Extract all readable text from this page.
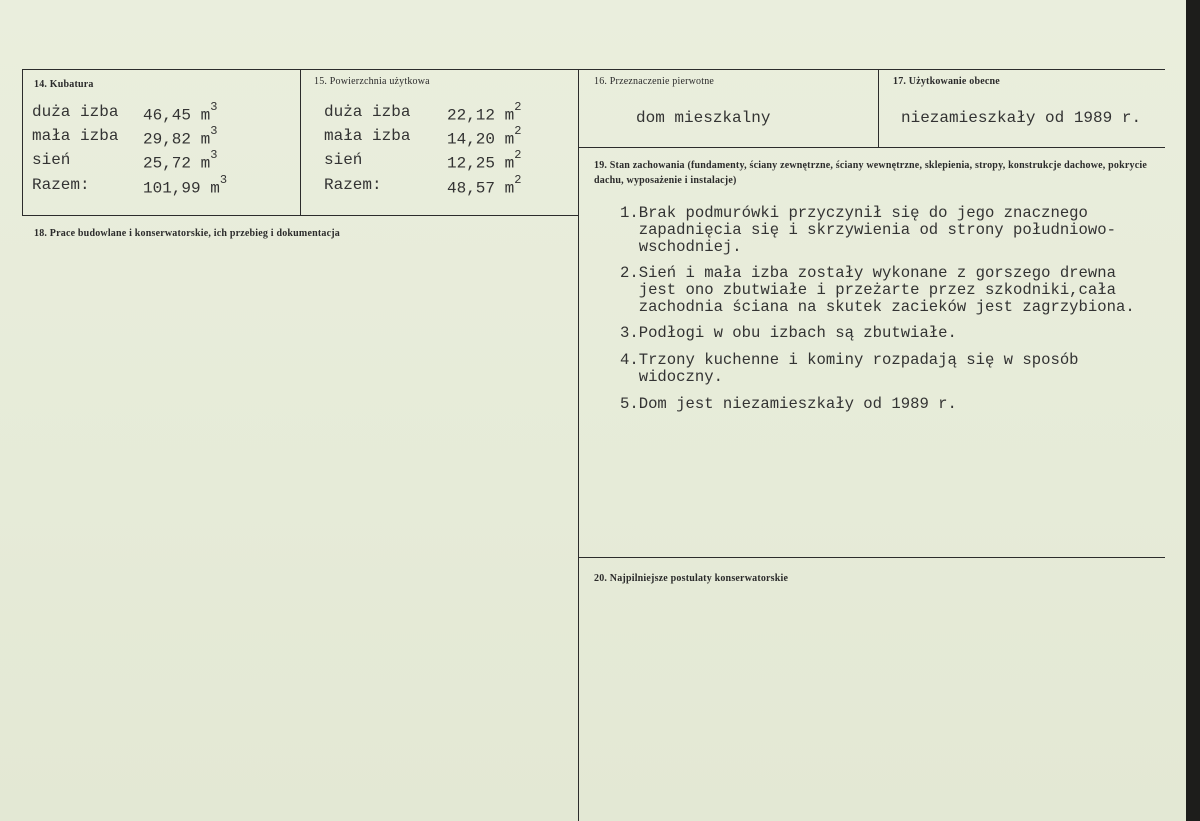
14. Kubatura
duża izba 46,45 $m^3$
mała izba 29,82 $m^3$
sień	25,72 $m^3$
Razem:	101,99 $m^3$
15. Powierzchnia użytkowa
duża izba 22,12 $m^2$
mała izba 14,20 $m^2$
sień	12,25 $m^2$
Razem:	48,57 $m^2$
16. Przeznaczenie pierwotne
dom mieszkalny
17. Użytkowanie obecne
niezamieszkały od 1989 r.
18. Prace budowlane i konserwatorskie, ich przebieg i dokumentacja
19. Stan zachowania (fundamenty, ściany zewnętrzne, ściany wewnętrzne, sklepienia, stropy, konstrukcje dachowe, pokrycie dachu, wyposażenie i instalacje)
1.Brak podmurówki przyczynił się do jego znacznego
zapadnięcia się i skrzywienia od strony południowo-
wschodniej.
2.Sień i mała izba zostały wykonane z gorszego drewna
jest ono zbutwiałe i przeżarte przez szkodniki,cała
zachodnia ściana na skutek zacieków jest zagrzybiona.
3.Podłogi w obu izbach są zbutwiałe.
4.Trzony kuchenne i kominy rozpadają się w sposób
widoczny.
5.Dom jest niezamieszkały od 1989 r.
20. Najpilniejsze postulaty konserwatorskie
